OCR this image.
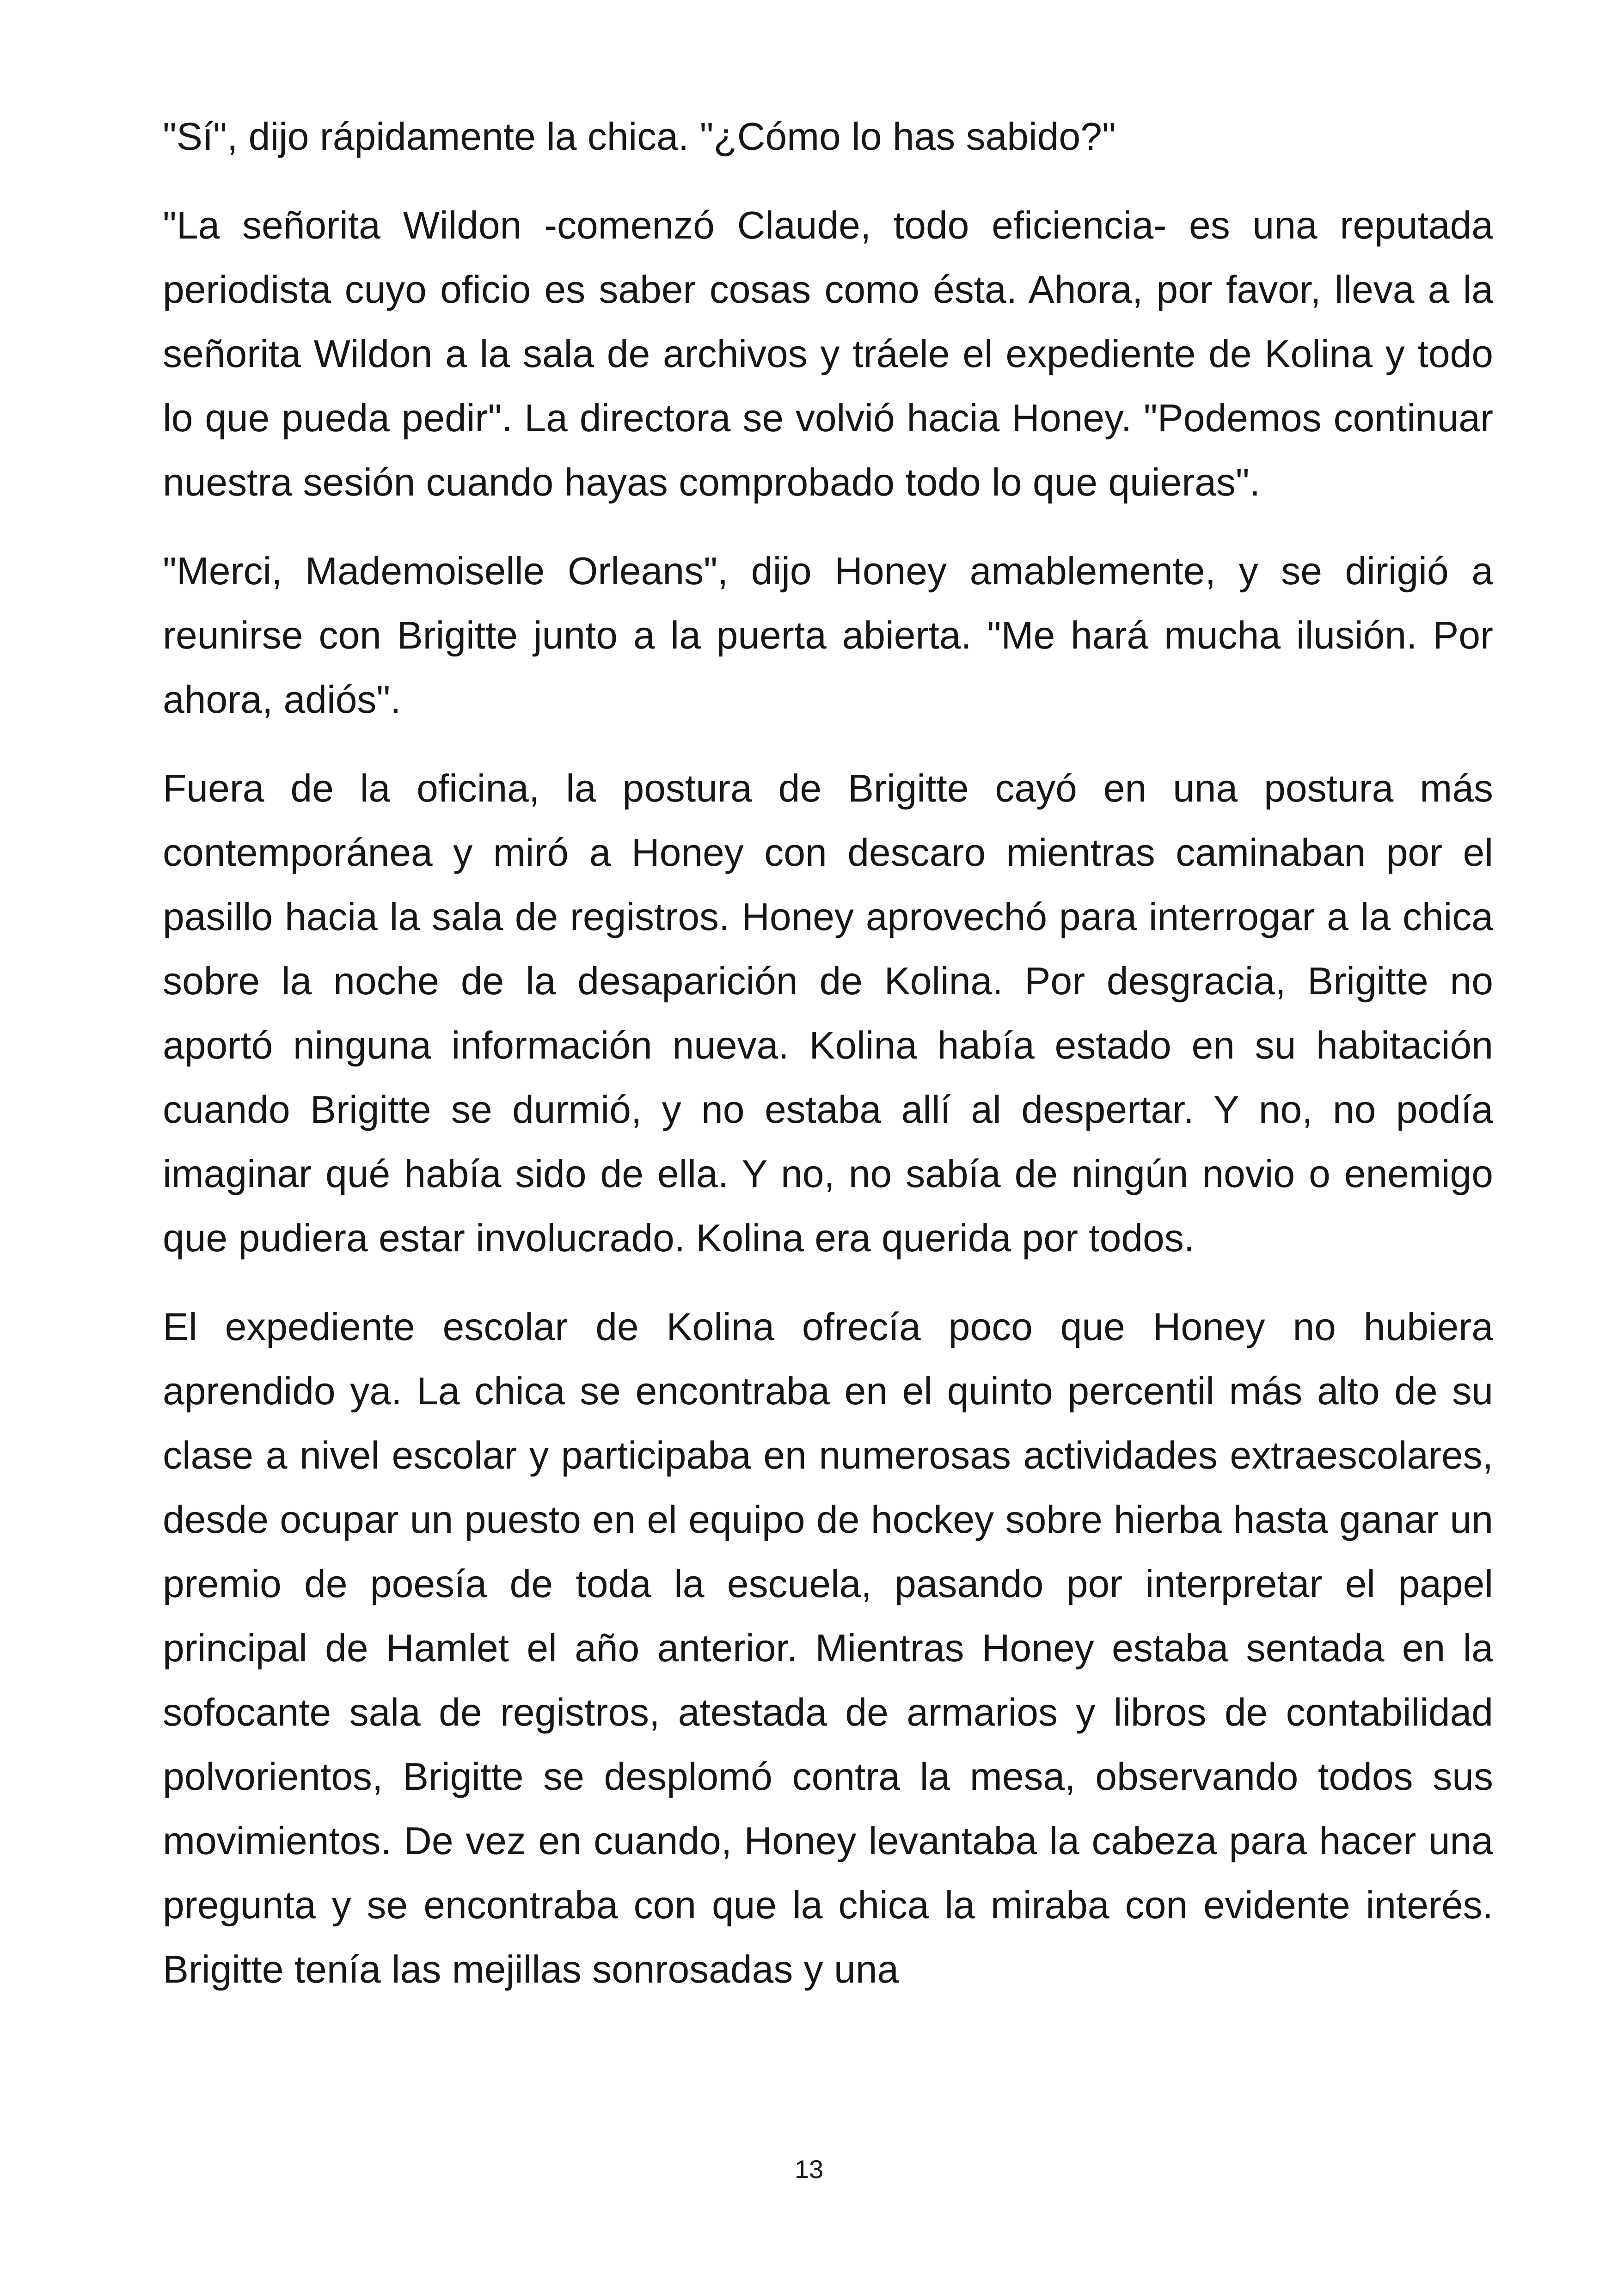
"Sí", dijo rápidamente la chica. "¿Cómo lo has sabido?"

"La señorita Wildon -comenzó Claude, todo eficiencia- es una reputada periodista cuyo oficio es saber cosas como ésta. Ahora, por favor, lleva a la señorita Wildon a la sala de archivos y tráele el expediente de Kolina y todo lo que pueda pedir". La directora se volvió hacia Honey. "Podemos continuar nuestra sesión cuando hayas comprobado todo lo que quieras".

"Merci, Mademoiselle Orleans", dijo Honey amablemente, y se dirigió a reunirse con Brigitte junto a la puerta abierta. "Me hará mucha ilusión. Por ahora, adiós".

Fuera de la oficina, la postura de Brigitte cayó en una postura más contemporánea y miró a Honey con descaro mientras caminaban por el pasillo hacia la sala de registros. Honey aprovechó para interrogar a la chica sobre la noche de la desaparición de Kolina. Por desgracia, Brigitte no aportó ninguna información nueva. Kolina había estado en su habitación cuando Brigitte se durmió, y no estaba allí al despertar. Y no, no podía imaginar qué había sido de ella. Y no, no sabía de ningún novio o enemigo que pudiera estar involucrado. Kolina era querida por todos.

El expediente escolar de Kolina ofrecía poco que Honey no hubiera aprendido ya. La chica se encontraba en el quinto percentil más alto de su clase a nivel escolar y participaba en numerosas actividades extraescolares, desde ocupar un puesto en el equipo de hockey sobre hierba hasta ganar un premio de poesía de toda la escuela, pasando por interpretar el papel principal de Hamlet el año anterior. Mientras Honey estaba sentada en la sofocante sala de registros, atestada de armarios y libros de contabilidad polvorientos, Brigitte se desplomó contra la mesa, observando todos sus movimientos. De vez en cuando, Honey levantaba la cabeza para hacer una pregunta y se encontraba con que la chica la miraba con evidente interés. Brigitte tenía las mejillas sonrosadas y una

13
